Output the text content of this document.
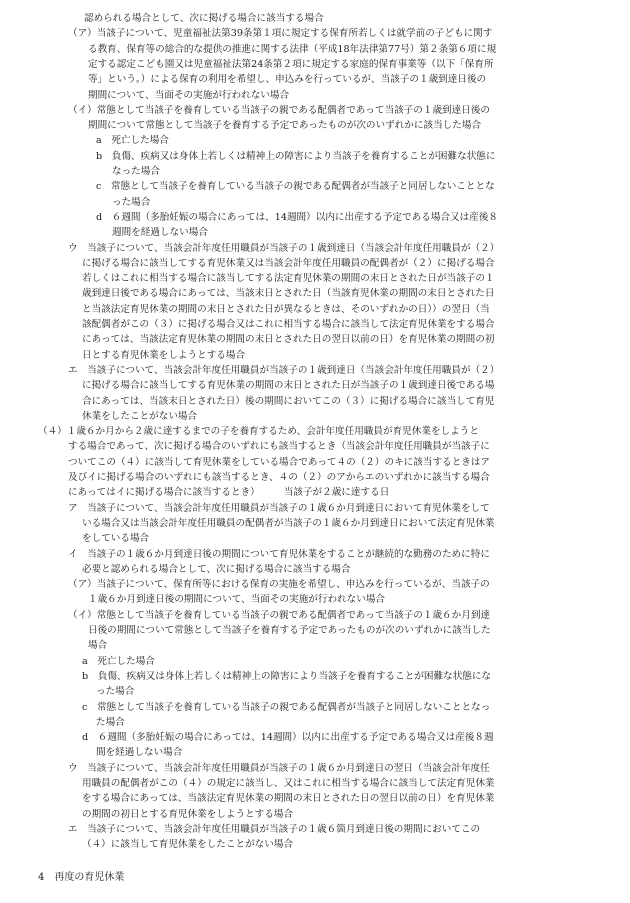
認められる場合として、次に掲げる場合に該当する場合
（ア）当該子について、児童福祉法第39条第１項に規定する保育所若しくは就学前の子どもに関す
る教育、保育等の総合的な提供の推進に関する法律（平成18年法律第77号）第２条第６項に規
定する認定こども園又は児童福祉法第24条第２項に規定する家庭的保育事業等（以下「保育所
等」という。）による保育の利用を希望し、申込みを行っているが、当該子の１歳到達日後の
期間について、当面その実施が行われない場合
（イ）常態として当該子を養育している当該子の親である配偶者であって当該子の１歳到達日後の
期間について常態として当該子を養育する予定であったものが次のいずれかに該当した場合
a　死亡した場合
b　負傷、疾病又は身体上若しくは精神上の障害により当該子を養育することが困難な状態に
なった場合
c　常態として当該子を養育している当該子の親である配偶者が当該子と同居しないこととな
った場合
d　６週間（多胎妊娠の場合にあっては、14週間）以内に出産する予定である場合又は産後８
週間を経過しない場合
ウ　当該子について、当該会計年度任用職員が当該子の１歳到達日（当該会計年度任用職員が（２）
に掲げる場合に該当してする育児休業又は当該会計年度任用職員の配偶者が（２）に掲げる場合
若しくはこれに相当する場合に該当してする法定育児休業の期間の末日とされた日が当該子の１
歳到達日後である場合にあっては、当該末日とされた日（当該育児休業の期間の末日とされた日
と当該法定育児休業の期間の末日とされた日が異なるときは、そのいずれかの日））の翌日（当
該配偶者がこの（３）に掲げる場合又はこれに相当する場合に該当して法定育児休業をする場合
にあっては、当該法定育児休業の期間の末日とされた日の翌日以前の日）を育児休業の期間の初
日とする育児休業をしようとする場合
エ　当該子について、当該会計年度任用職員が当該子の１歳到達日（当該会計年度任用職員が（２）
に掲げる場合に該当してする育児休業の期間の末日とされた日が当該子の１歳到達日後である場
合にあっては、当該末日とされた日）後の期間においてこの（３）に掲げる場合に該当して育児
休業をしたことがない場合
（４）１歳６か月から２歳に達するまでの子を養育するため、会計年度任用職員が育児休業をしようと
する場合であって、次に掲げる場合のいずれにも該当するとき（当該会計年度任用職員が当該子に
ついてこの（４）に該当して育児休業をしている場合であって４の（２）のキに該当するときはア
及びイに掲げる場合のいずれにも該当するとき、４の（２）のアからエのいずれかに該当する場合
にあってはイに掲げる場合に該当するとき）　　　当該子が２歳に達する日
ア　当該子について、当該会計年度任用職員が当該子の１歳６か月到達日において育児休業をして
いる場合又は当該会計年度任用職員の配偶者が当該子の１歳６か月到達日において法定育児休業
をしている場合
イ　当該子の１歳６か月到達日後の期間について育児休業をすることが継続的な勤務のために特に
必要と認められる場合として、次に掲げる場合に該当する場合
（ア）当該子について、保育所等における保育の実施を希望し、申込みを行っているが、当該子の
１歳６か月到達日後の期間について、当面その実施が行われない場合
（イ）常態として当該子を養育している当該子の親である配偶者であって当該子の１歳６か月到達
日後の期間について常態として当該子を養育する予定であったものが次のいずれかに該当した
場合
a　死亡した場合
b　負傷、疾病又は身体上若しくは精神上の障害により当該子を養育することが困難な状態にな
った場合
c　常態として当該子を養育している当該子の親である配偶者が当該子と同居しないこととなっ
た場合
d　６週間（多胎妊娠の場合にあっては、14週間）以内に出産する予定である場合又は産後８週
間を経過しない場合
ウ　当該子について、当該会計年度任用職員が当該子の１歳６か月到達日の翌日（当該会計年度任
用職員の配偶者がこの（４）の規定に該当し、又はこれに相当する場合に該当して法定育児休業
をする場合にあっては、当該法定育児休業の期間の末日とされた日の翌日以前の日）を育児休業
の期間の初日とする育児休業をしようとする場合
エ　当該子について、当該会計年度任用職員が当該子の１歳６箇月到達日後の期間においてこの
（４）に該当して育児休業をしたことがない場合
4　再度の育児休業
